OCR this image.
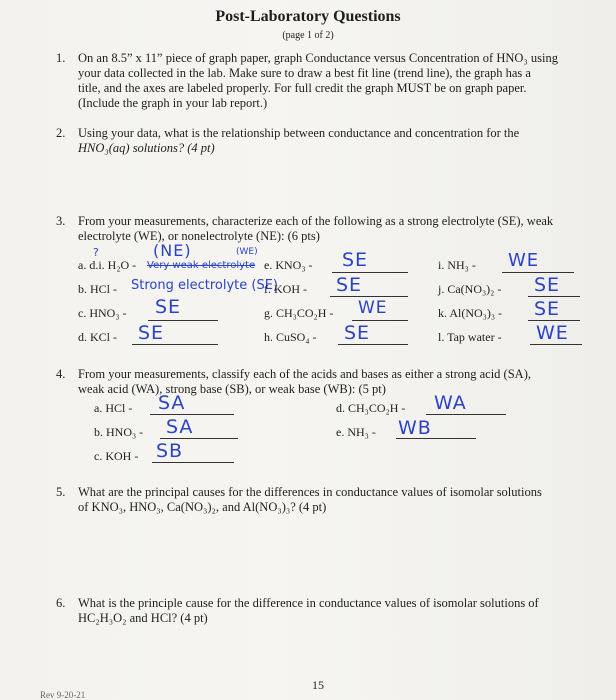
Post-Laboratory Questions
(page 1 of 2)
1. On an 8.5” x 11” piece of graph paper, graph Conductance versus Concentration of HNO₃ using
your data collected in the lab. Make sure to draw a best fit line (trend line), the graph has a
title, and the axes are labeled properly. For full credit the graph MUST be on graph paper.
(Include the graph in your lab report.)
2. Using your data, what is the relationship between conductance and concentration for the
HNO₃(aq) solutions? (4 pt)
3. From your measurements, characterize each of the following as a strong electrolyte (SE), weak
electrolyte (WE), or nonelectrolyte (NE): (6 pts)
?
a. d.i. H₂O -
(NE)
Very weak electrolyte
(WE)
b. HCl - Strong electrolyte (SE)
c. HNO₃ - SE
d. KCl - SE
e. KNO₃ - SE
f. KOH - SE
g. CH₃CO₂H - WE
h. CuSO₄ - SE
i. NH₃ - WE
j. Ca(NO₃)₂ - SE
k. Al(NO₃)₃ - SE
l. Tap water - WE
4. From your measurements, classify each of the acids and bases as either a strong acid (SA),
weak acid (WA), strong base (SB), or weak base (WB): (5 pt)
a. HCl - SA
b. HNO₃ - SA
c. KOH - SB
d. CH₃CO₂H - WA
e. NH₃ - WB
5. What are the principal causes for the differences in conductance values of isomolar solutions
of KNO₃, HNO₃, Ca(NO₃)₂, and Al(NO₃)₃? (4 pt)
6. What is the principle cause for the difference in conductance values of isomolar solutions of
HC₂H₃O₂ and HCl? (4 pt)
15
Rev 9-20-21
